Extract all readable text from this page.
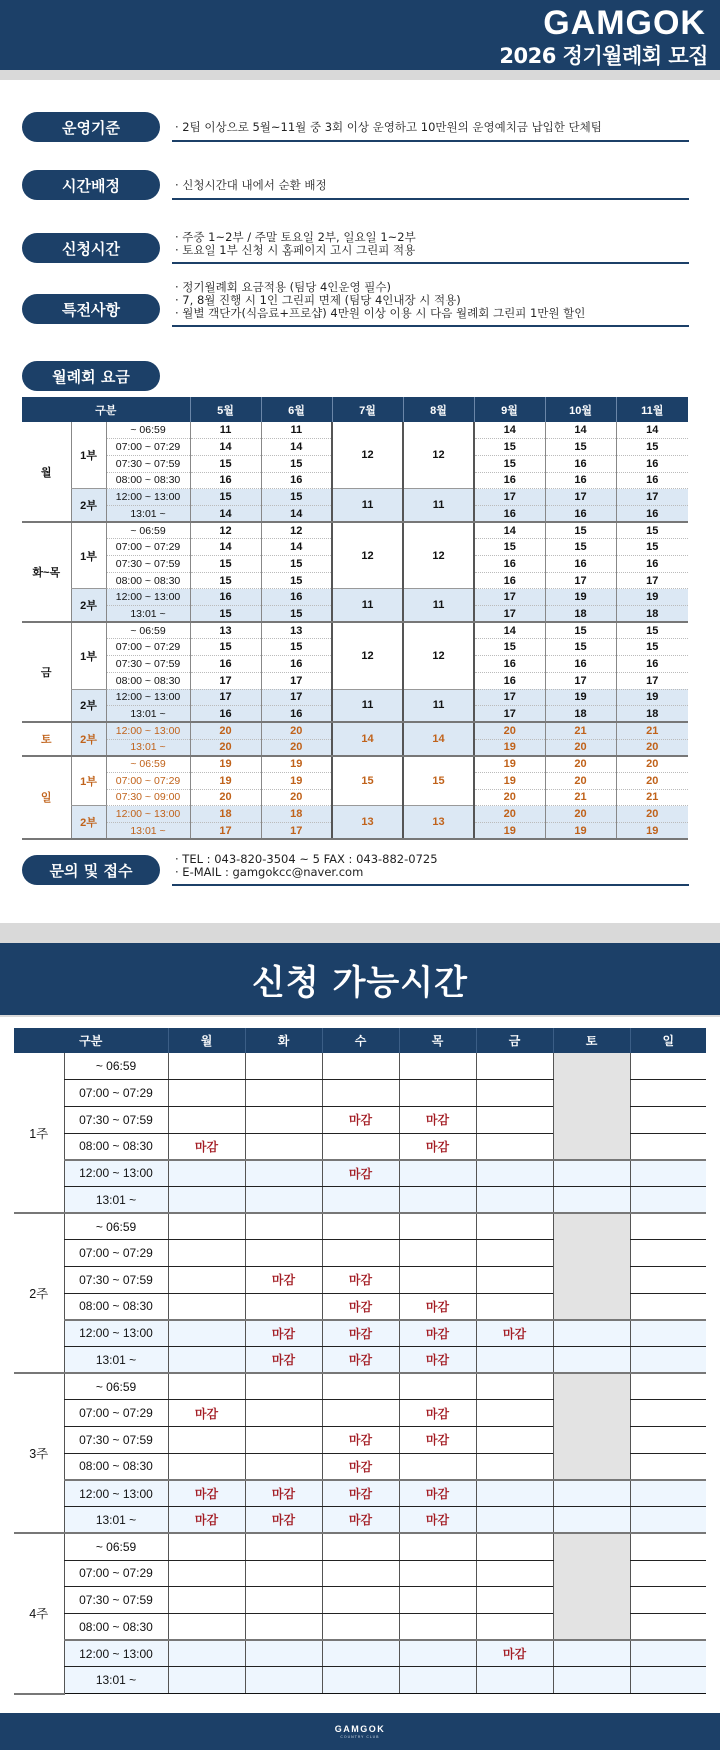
GAMGOK
2026 정기월례회 모집
운영기준	· 2팀 이상으로 5월~11월 중 3회 이상 운영하고 10만원의 운영예치금 납입한 단체팀
시간배정	· 신청시간대 내에서 순환 배정
신청시간
· 주중 1~2부 / 주말 토요일 2부, 일요일 1~2부
· 토요일 1부 신청 시 홈페이지 고시 그린피 적용
특전사항
· 정기월례회 요금적용 (팀당 4인운영 필수)
· 7, 8월 진행 시 1인 그린피 면제 (팀당 4인내장 시 적용)
· 월별 객단가(식음료+프로샵) 4만원 이상 이용 시 다음 월례회 그린피 1만원 할인
월례회 요금
구분			5월	6월	7월	8월	9월	10월	11월
월	1부	~ 06:59	11	11	12	12	14	14	14
		07:00 ~ 07:29	14	14			15	15	15
		07:30 ~ 07:59	15	15			15	16	16
		08:00 ~ 08:30	16	16			16	16	16
	2부	12:00 ~ 13:00	15	15	11	11	17	17	17
		13:01 ~	14	14			16	16	16
화~목	1부	~ 06:59	12	12	12	12	14	15	15
		07:00 ~ 07:29	14	14			15	15	15
		07:30 ~ 07:59	15	15			16	16	16
		08:00 ~ 08:30	15	15			16	17	17
	2부	12:00 ~ 13:00	16	16	11	11	17	19	19
		13:01 ~	15	15			17	18	18
금	1부	~ 06:59	13	13	12	12	14	15	15
		07:00 ~ 07:29	15	15			15	15	15
		07:30 ~ 07:59	16	16			16	16	16
		08:00 ~ 08:30	17	17			16	17	17
	2부	12:00 ~ 13:00	17	17	11	11	17	19	19
		13:01 ~	16	16			17	18	18
토	2부	12:00 ~ 13:00	20	20	14	14	20	21	21
		13:01 ~	20	20			19	20	20
일	1부	~ 06:59	19	19	15	15	19	20	20
		07:00 ~ 07:29	19	19			19	20	20
		07:30 ~ 09:00	20	20			20	21	21
	2부	12:00 ~ 13:00	18	18	13	13	20	20	20
		13:01 ~	17	17			19	19	19
문의 및 접수
· TEL : 043-820-3504 ~ 5 FAX : 043-882-0725
· E-MAIL : gamgokcc@naver.com
신청 가능시간
구분		월	화	수	목	금	토	일
1주	~ 06:59							
	07:00 ~ 07:29							
	07:30 ~ 07:59			마감	마감			
	08:00 ~ 08:30	마감			마감			
	12:00 ~ 13:00			마감				
	13:01 ~							
2주	~ 06:59							
	07:00 ~ 07:29							
	07:30 ~ 07:59		마감	마감				
	08:00 ~ 08:30			마감	마감			
	12:00 ~ 13:00		마감	마감	마감	마감		
	13:01 ~		마감	마감	마감			
3주	~ 06:59							
	07:00 ~ 07:29	마감			마감			
	07:30 ~ 07:59			마감	마감			
	08:00 ~ 08:30			마감				
	12:00 ~ 13:00	마감	마감	마감	마감			
	13:01 ~	마감	마감	마감	마감			
4주	~ 06:59							
	07:00 ~ 07:29							
	07:30 ~ 07:59							
	08:00 ~ 08:30							
	12:00 ~ 13:00					마감		
	13:01 ~							
GAMGOK
COUNTRY CLUB
